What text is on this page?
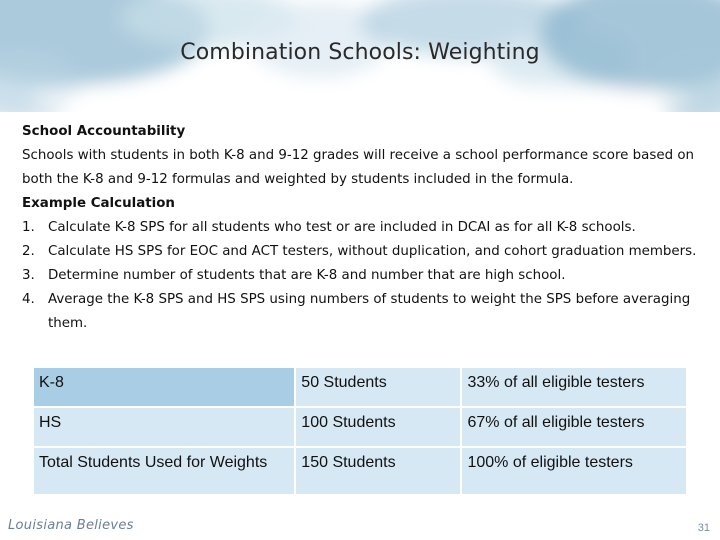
Combination Schools: Weighting

School Accountability

Schools with students in both K-8 and 9-12 grades will receive a school performance score based on both the K-8 and 9-12 formulas and weighted by students included in the formula.

Example Calculation

1. Calculate K-8 SPS for all students who test or are included in DCAI as for all K-8 schools.
2. Calculate HS SPS for EOC and ACT testers, without duplication, and cohort graduation members.
3. Determine number of students that are K-8 and number that are high school.
4. Average the K-8 SPS and HS SPS using numbers of students to weight the SPS before averaging them.
K-8	50 Students	33% of all eligible testers
HS	100 Students	67% of all eligible testers
Total Students Used for Weights	150 Students	100% of eligible testers
Louisiana Believes	31
